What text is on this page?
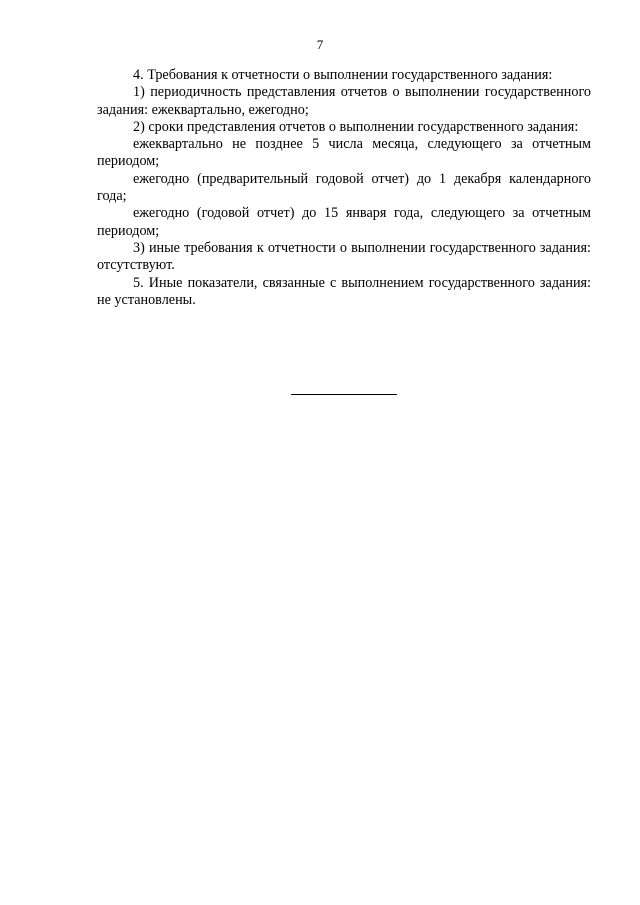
7

4. Требования к отчетности о выполнении государственного задания:

1) периодичность представления отчетов о выполнении государственного задания: ежеквартально, ежегодно;

2) сроки представления отчетов о выполнении государственного задания:

ежеквартально не позднее 5 числа месяца, следующего за отчетным периодом;

ежегодно (предварительный годовой отчет) до 1 декабря календарного года;

ежегодно (годовой отчет) до 15 января года, следующего за отчетным периодом;

3) иные требования к отчетности о выполнении государственного задания: отсутствуют.

5. Иные показатели, связанные с выполнением государственного задания: не установлены.
